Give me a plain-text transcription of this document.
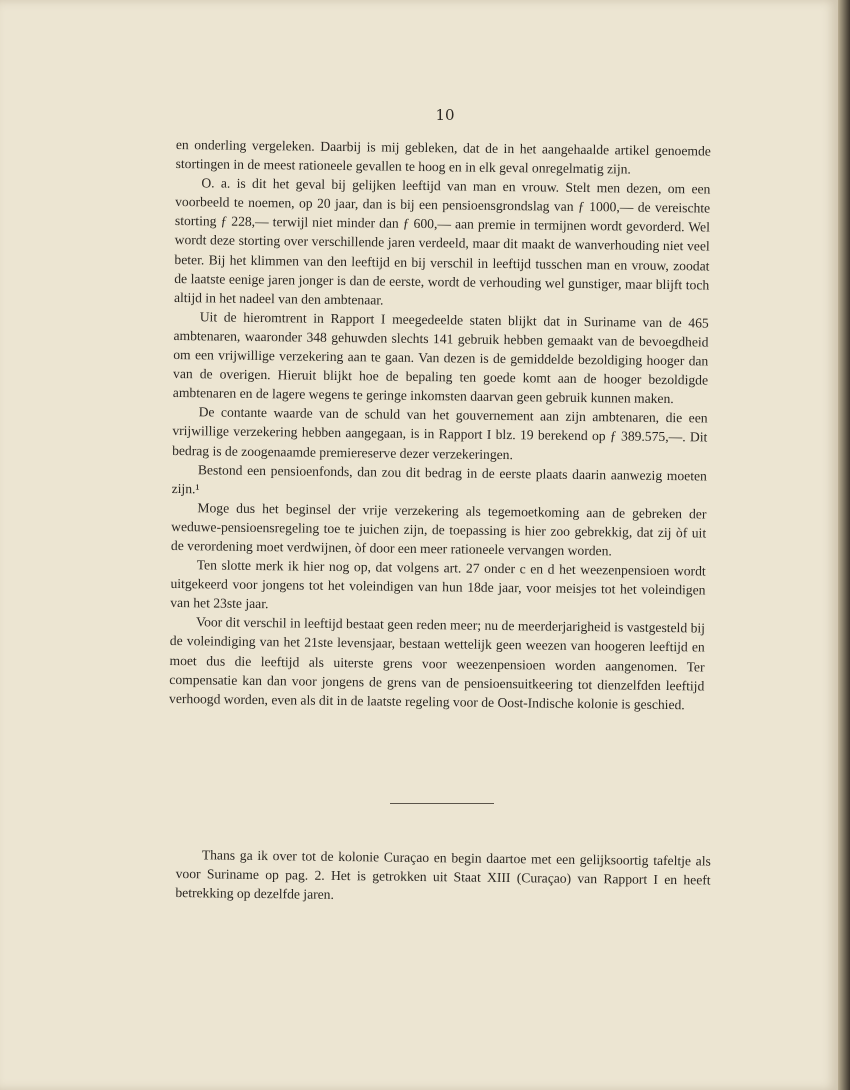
10

en onderling vergeleken. Daarbij is mij gebleken, dat de in het aangehaalde artikel genoemde stortingen in de meest rationeele gevallen te hoog en in elk geval onregelmatig zijn.

O. a. is dit het geval bij gelijken leeftijd van man en vrouw. Stelt men dezen, om een voorbeeld te noemen, op 20 jaar, dan is bij een pensioensgrondslag van ƒ 1000,— de vereischte storting ƒ 228,— terwijl niet minder dan ƒ 600,— aan premie in termijnen wordt gevorderd. Wel wordt deze storting over verschillende jaren verdeeld, maar dit maakt de wanverhouding niet veel beter. Bij het klimmen van den leeftijd en bij verschil in leeftijd tusschen man en vrouw, zoodat de laatste eenige jaren jonger is dan de eerste, wordt de verhouding wel gunstiger, maar blijft toch altijd in het nadeel van den ambtenaar.

Uit de hieromtrent in Rapport I meegedeelde staten blijkt dat in Suriname van de 465 ambtenaren, waaronder 348 gehuwden slechts 141 gebruik hebben gemaakt van de bevoegdheid om een vrijwillige verzekering aan te gaan. Van dezen is de gemiddelde bezoldiging hooger dan van de overigen. Hieruit blijkt hoe de bepaling ten goede komt aan de hooger bezoldigde ambtenaren en de lagere wegens te geringe inkomsten daarvan geen gebruik kunnen maken.

De contante waarde van de schuld van het gouvernement aan zijn ambtenaren, die een vrijwillige verzekering hebben aangegaan, is in Rapport I blz. 19 berekend op ƒ 389.575,—. Dit bedrag is de zoogenaamde premiereserve dezer verzekeringen.

Bestond een pensioenfonds, dan zou dit bedrag in de eerste plaats daarin aanwezig moeten zijn.¹

Moge dus het beginsel der vrije verzekering als tegemoetkoming aan de gebreken der weduwe-pensioensregeling toe te juichen zijn, de toepassing is hier zoo gebrekkig, dat zij òf uit de verordening moet verdwijnen, òf door een meer rationeele vervangen worden.

Ten slotte merk ik hier nog op, dat volgens art. 27 onder c en d het weezenpensioen wordt uitgekeerd voor jongens tot het voleindigen van hun 18de jaar, voor meisjes tot het voleindigen van het 23ste jaar.

Voor dit verschil in leeftijd bestaat geen reden meer; nu de meerderjarigheid is vastgesteld bij de voleindiging van het 21ste levensjaar, bestaan wettelijk geen weezen van hoogeren leeftijd en moet dus die leeftijd als uiterste grens voor weezenpensioen worden aangenomen. Ter compensatie kan dan voor jongens de grens van de pensioensuitkeering tot dienzelfden leeftijd verhoogd worden, even als dit in de laatste regeling voor de Oost-Indische kolonie is geschied.

Thans ga ik over tot de kolonie Curaçao en begin daartoe met een gelijksoortig tafeltje als voor Suriname op pag. 2. Het is getrokken uit Staat XIII (Curaçao) van Rapport I en heeft betrekking op dezelfde jaren.
